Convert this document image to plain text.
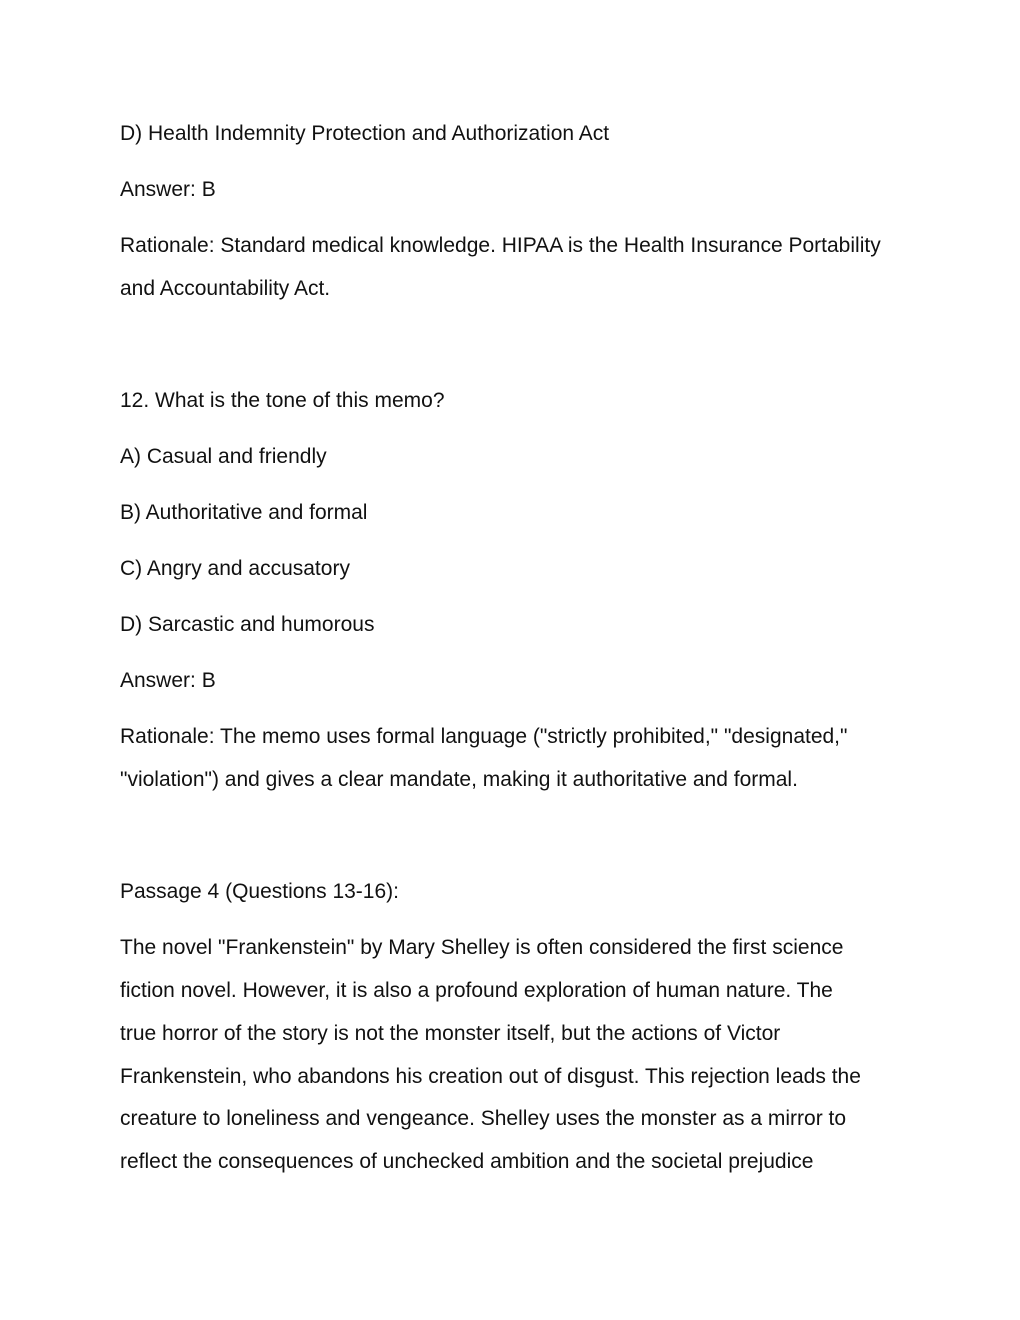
D) Health Indemnity Protection and Authorization Act
Answer: B
Rationale: Standard medical knowledge. HIPAA is the Health Insurance Portability
and Accountability Act.
12. What is the tone of this memo?
A) Casual and friendly
B) Authoritative and formal
C) Angry and accusatory
D) Sarcastic and humorous
Answer: B
Rationale: The memo uses formal language ("strictly prohibited," "designated,"
"violation") and gives a clear mandate, making it authoritative and formal.
Passage 4 (Questions 13-16):
The novel "Frankenstein" by Mary Shelley is often considered the first science
fiction novel. However, it is also a profound exploration of human nature. The
true horror of the story is not the monster itself, but the actions of Victor
Frankenstein, who abandons his creation out of disgust. This rejection leads the
creature to loneliness and vengeance. Shelley uses the monster as a mirror to
reflect the consequences of unchecked ambition and the societal prejudice
